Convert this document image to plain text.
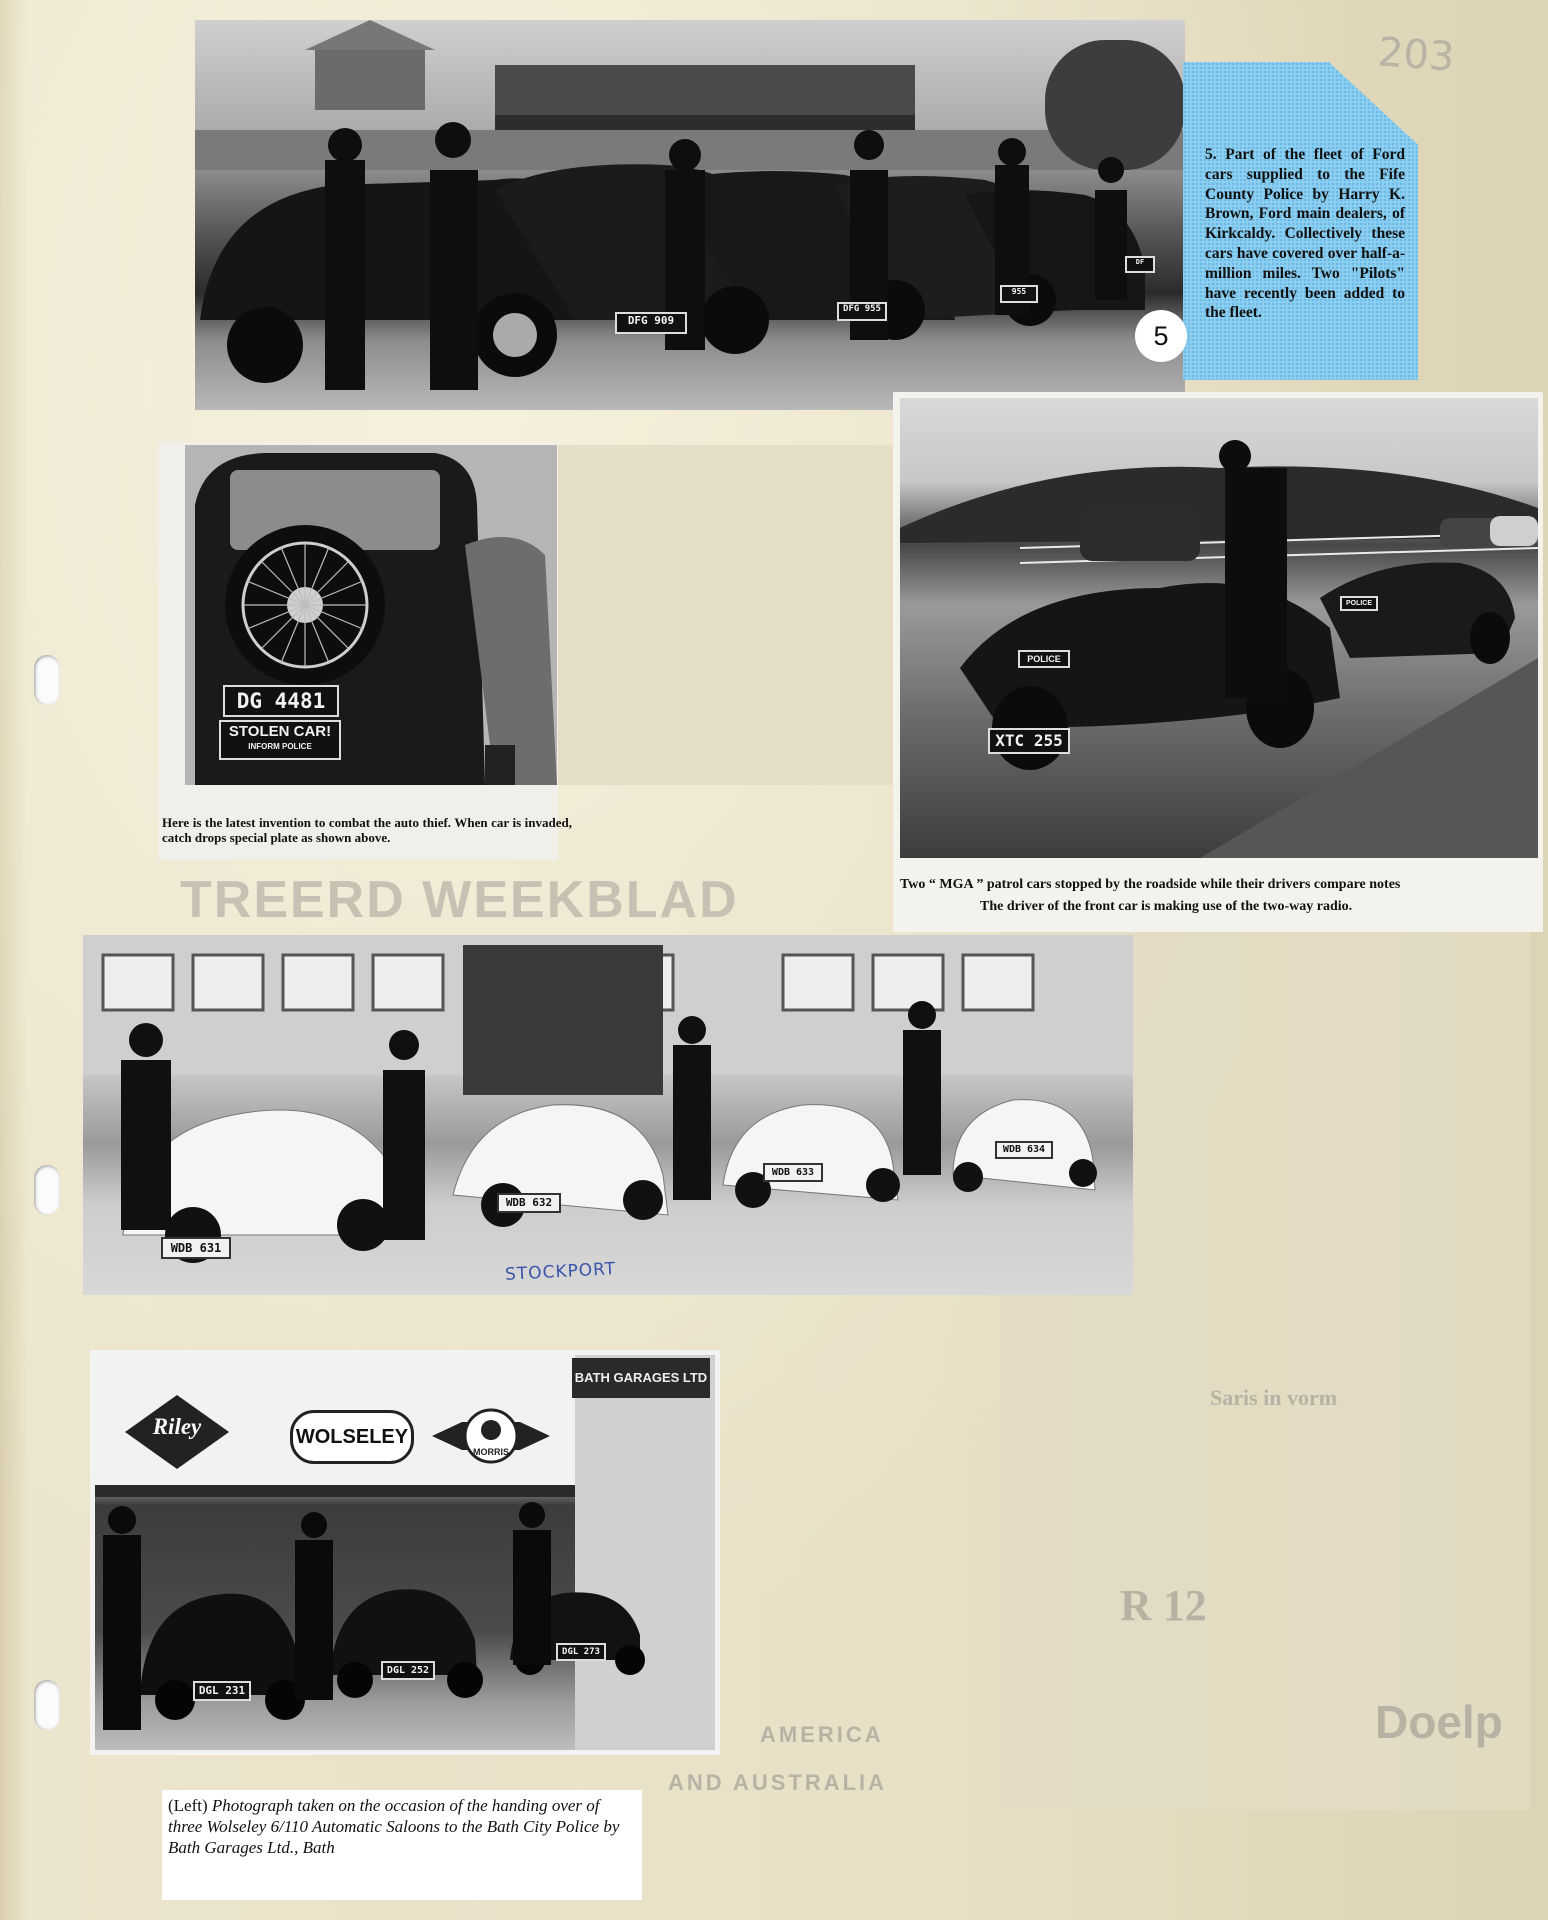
TREERD WEEKBLAD
Saris in vorm
R 12
Doelp
AMERICA
AND AUSTRALIA
203
DFG 909
DFG 955
955
DF
5
5. Part of the fleet of Ford cars supplied to the Fife County Police by Harry K. Brown, Ford main dealers, of Kirkcaldy. Collectively these cars have covered over half-a-million miles. Two "Pilots" have recently been added to the fleet.
DG 4481
STOLEN CAR!
INFORM POLICE
Here is the latest invention to combat the auto thief. When car is invaded, catch drops special plate as shown above.
XTC 255
POLICE
POLICE
Two “ MGA ” patrol cars stopped by the roadside while their drivers compare notes
The driver of the front car is making use of the two-way radio.
WDB 631
WDB 632
WDB 633
WDB 634
STOCKPORT
DGL 231
DGL 252
DGL 273
Riley	WOLSELEY
MORRIS
BATH GARAGES LTD
(Left) Photograph taken on the occasion of the handing over of three Wolseley 6/110 Automatic Saloons to the Bath City Police by Bath Garages Ltd., Bath
